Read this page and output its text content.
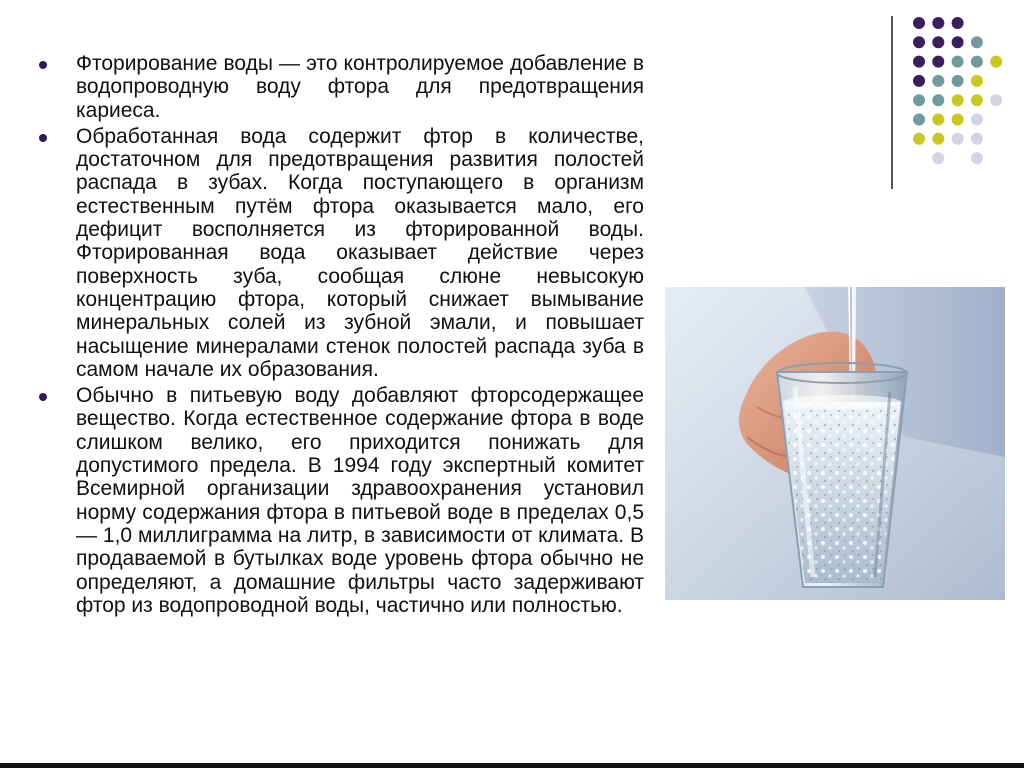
Фторирование воды — это контролируемое добавление в водопроводную воду фтора для предотвращения кариеса.
Обработанная вода содержит фтор в количестве, достаточном для предотвращения развития полостей распада в зубах. Когда поступающего в организм естественным путём фтора оказывается мало, его дефицит восполняется из фторированной воды. Фторированная вода оказывает действие через поверхность зуба, сообщая слюне невысокую концентрацию фтора, который снижает вымывание минеральных солей из зубной эмали, и повышает насыщение минералами стенок полостей распада зуба в самом начале их образования.
Обычно в питьевую воду добавляют фторсодержащее вещество. Когда естественное содержание фтора в воде слишком велико, его приходится понижать для допустимого предела. В 1994 году экспертный комитет Всемирной организации здравоохранения установил норму содержания фтора в питьевой воде в пределах 0,5 — 1,0 миллиграмма на литр, в зависимости от климата. В продаваемой в бутылках воде уровень фтора обычно не определяют, а домашние фильтры часто задерживают фтор из водопроводной воды, частично или полностью.
